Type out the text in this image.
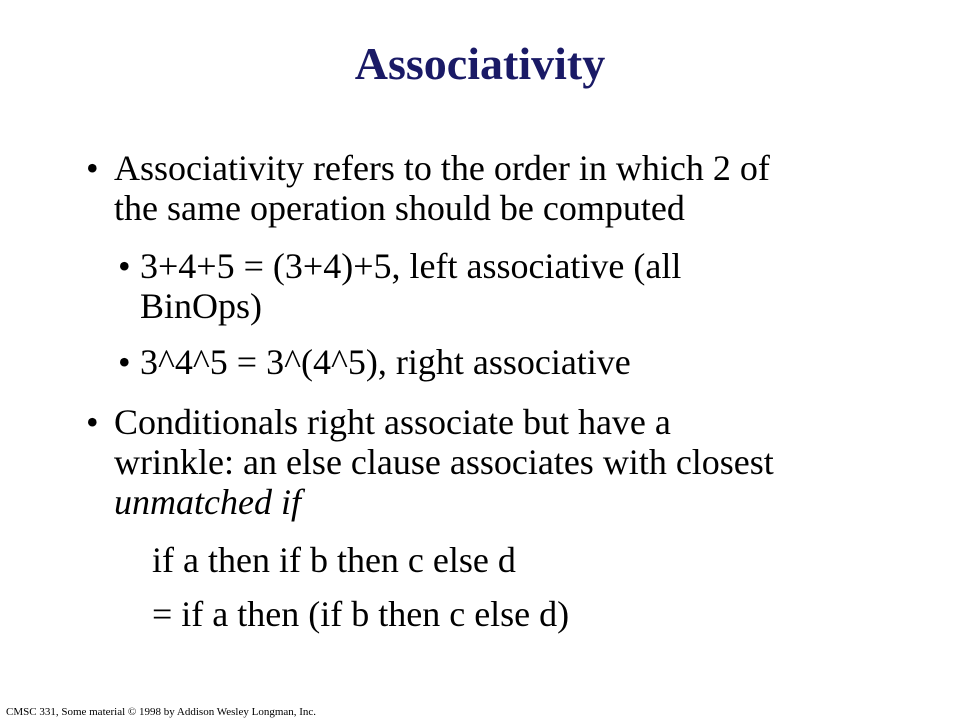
Associativity
• Associativity refers to the order in which 2 of
the same operation should be computed
• 3+4+5 = (3+4)+5, left associative (all
BinOps)
• 3^4^5 = 3^(4^5), right associative
• Conditionals right associate but have a
wrinkle: an else clause associates with closest
unmatched if
if a then if b then c else d
= if a then (if b then c else d)
CMSC 331, Some material © 1998 by Addison Wesley Longman, Inc.
